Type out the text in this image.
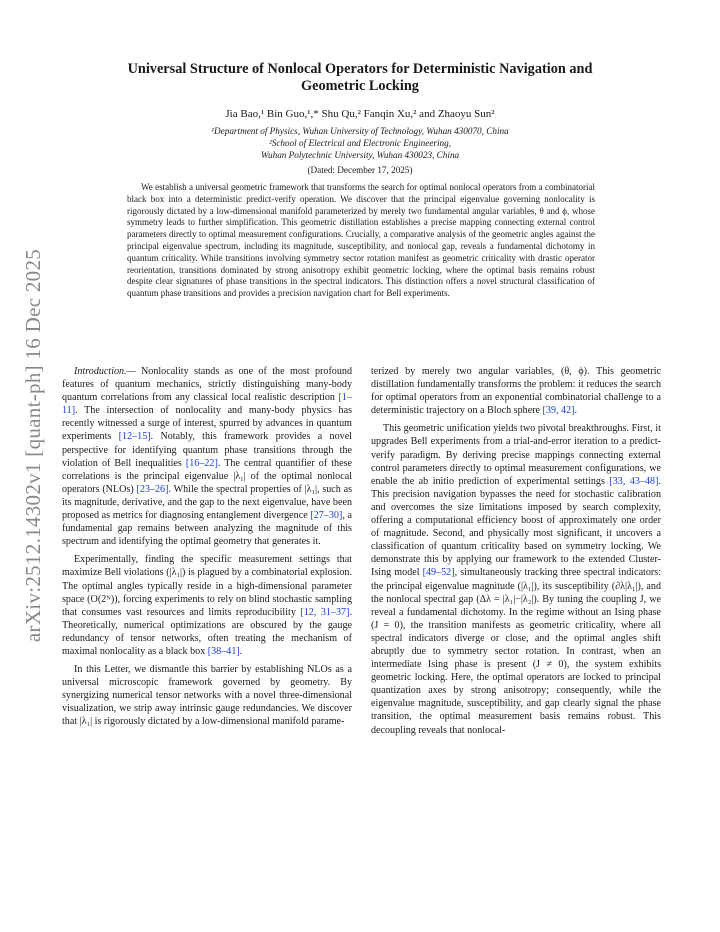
arXiv:2512.14302v1 [quant-ph] 16 Dec 2025
Universal Structure of Nonlocal Operators for Deterministic Navigation and
Geometric Locking

Jia Bao,¹ Bin Guo,¹,* Shu Qu,² Fanqin Xu,² and Zhaoyu Sun²

¹Department of Physics, Wuhan University of Technology, Wuhan 430070, China

²School of Electrical and Electronic Engineering,

Wuhan Polytechnic University, Wuhan 430023, China

(Dated: December 17, 2025)

We establish a universal geometric framework that transforms the search for optimal nonlocal operators from a combinatorial black box into a deterministic predict-verify operation. We discover that the principal eigenvalue governing nonlocality is rigorously dictated by a low-dimensional manifold parameterized by merely two fundamental angular variables, θ and ϕ, whose symmetry leads to further simplification. This geometric distillation establishes a precise mapping connecting external control parameters directly to optimal measurement configurations. Crucially, a comparative analysis of the geometric angles against the principal eigenvalue spectrum, including its magnitude, susceptibility, and nonlocal gap, reveals a fundamental dichotomy in quantum criticality. While transitions involving symmetry sector rotation manifest as geometric criticality with drastic operator reorientation, transitions dominated by strong anisotropy exhibit geometric locking, where the optimal basis remains robust despite clear signatures of phase transitions in the spectral indicators. This distinction offers a novel structural classification of quantum phase transitions and provides a precision navigation chart for Bell experiments.

Introduction.— Nonlocality stands as one of the most profound features of quantum mechanics, strictly distinguishing many-body quantum correlations from any classical local realistic description [1–11]. The intersection of nonlocality and many-body physics has recently witnessed a surge of interest, spurred by advances in quantum experiments [12–15]. Notably, this framework provides a novel perspective for identifying quantum phase transitions through the violation of Bell inequalities [16–22]. The central quantifier of these correlations is the principal eigenvalue |λ₁| of the optimal nonlocal operators (NLOs) [23–26]. While the spectral properties of |λ₁|, such as its magnitude, derivative, and the gap to the next eigenvalue, have been proposed as metrics for diagnosing entanglement divergence [27–30], a fundamental gap remains between analyzing the magnitude of this spectrum and identifying the optimal geometry that generates it.

Experimentally, finding the specific measurement settings that maximize Bell violations (|λ₁|) is plagued by a combinatorial explosion. The optimal angles typically reside in a high-dimensional parameter space (O(2ᴺ)), forcing experiments to rely on blind stochastic sampling that consumes vast resources and limits reproducibility [12, 31–37]. Theoretically, numerical optimizations are obscured by the gauge redundancy of tensor networks, often treating the mechanism of maximal nonlocality as a black box [38–41].

In this Letter, we dismantle this barrier by establishing NLOs as a universal microscopic framework governed by geometry. By synergizing numerical tensor networks with a novel three-dimensional visualization, we strip away intrinsic gauge redundancies. We discover that |λ₁| is rigorously dictated by a low-dimensional manifold parame-

terized by merely two angular variables, (θ, ϕ). This geometric distillation fundamentally transforms the problem: it reduces the search for optimal operators from an exponential combinatorial challenge to a deterministic trajectory on a Bloch sphere [39, 42].

This geometric unification yields two pivotal breakthroughs. First, it upgrades Bell experiments from a trial-and-error iteration to a predict-verify paradigm. By deriving precise mappings connecting external control parameters directly to optimal measurement configurations, we enable the ab initio prediction of experimental settings [33, 43–48]. This precision navigation bypasses the need for stochastic calibration and overcomes the size limitations imposed by search complexity, offering a computational efficiency boost of approximately one order of magnitude. Second, and physically most significant, it uncovers a classification of quantum criticality based on symmetry locking. We demonstrate this by applying our framework to the extended Cluster-Ising model [49–52], simultaneously tracking three spectral indicators: the principal eigenvalue magnitude (|λ₁|), its susceptibility (∂λ|λ₁|), and the nonlocal spectral gap (Δλ = |λ₁|−|λ₂|). By tuning the coupling J, we reveal a fundamental dichotomy. In the regime without an Ising phase (J = 0), the transition manifests as geometric criticality, where all spectral indicators diverge or close, and the optimal angles shift abruptly due to symmetry sector rotation. In contrast, when an intermediate Ising phase is present (J ≠ 0), the system exhibits geometric locking. Here, the optimal operators are locked to principal quantization axes by strong anisotropy; consequently, while the eigenvalue magnitude, susceptibility, and gap clearly signal the phase transition, the optimal measurement basis remains robust. This decoupling reveals that nonlocal-
